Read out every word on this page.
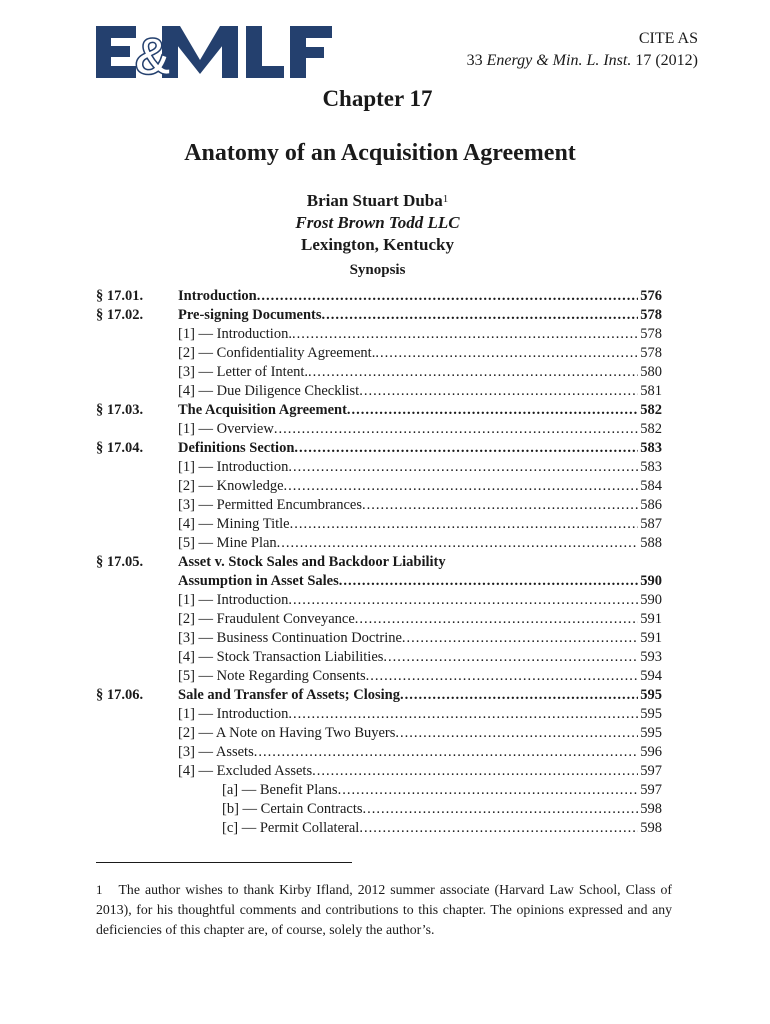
&	CITE AS
33 Energy & Min. L. Inst. 17 (2012)
Chapter 17
Anatomy of an Acquisition Agreement
Brian Stuart Duba$^1$
Frost Brown Todd LLC
Lexington, Kentucky
Synopsis
§ 17.01. Introduction .....	576
§ 17.02. Pre-signing Documents .....	578
[1] — Introduction. .....	578
[2] — Confidentiality Agreement. .....	578
[3] — Letter of Intent. .....	580
[4] — Due Diligence Checklist .....	581
§ 17.03. The Acquisition Agreement .....	582
[1] — Overview .....	582
§ 17.04. Definitions Section .....	583
[1] — Introduction .....	583
[2] — Knowledge .....	584
[3] — Permitted Encumbrances .....	586
[4] — Mining Title .....	587
[5] — Mine Plan .....	588
§ 17.05. Asset v. Stock Sales and Backdoor Liability
Assumption in Asset Sales .....	590
[1] — Introduction .....	590
[2] — Fraudulent Conveyance .....	591
[3] — Business Continuation Doctrine .....	591
[4] — Stock Transaction Liabilities .....	593
[5] — Note Regarding Consents .....	594
§ 17.06. Sale and Transfer of Assets; Closing .....	595
[1] — Introduction .....	595
[2] — A Note on Having Two Buyers .....	595
[3] — Assets .....	596
[4] — Excluded Assets .....	597
[a] — Benefit Plans .....	597
[b] — Certain Contracts .....	598
[c] — Permit Collateral .....	598
1 The author wishes to thank Kirby Ifland, 2012 summer associate (Harvard Law School, Class of 2013), for his thoughtful comments and contributions to this chapter. The opinions expressed and any deficiencies of this chapter are, of course, solely the author’s.
